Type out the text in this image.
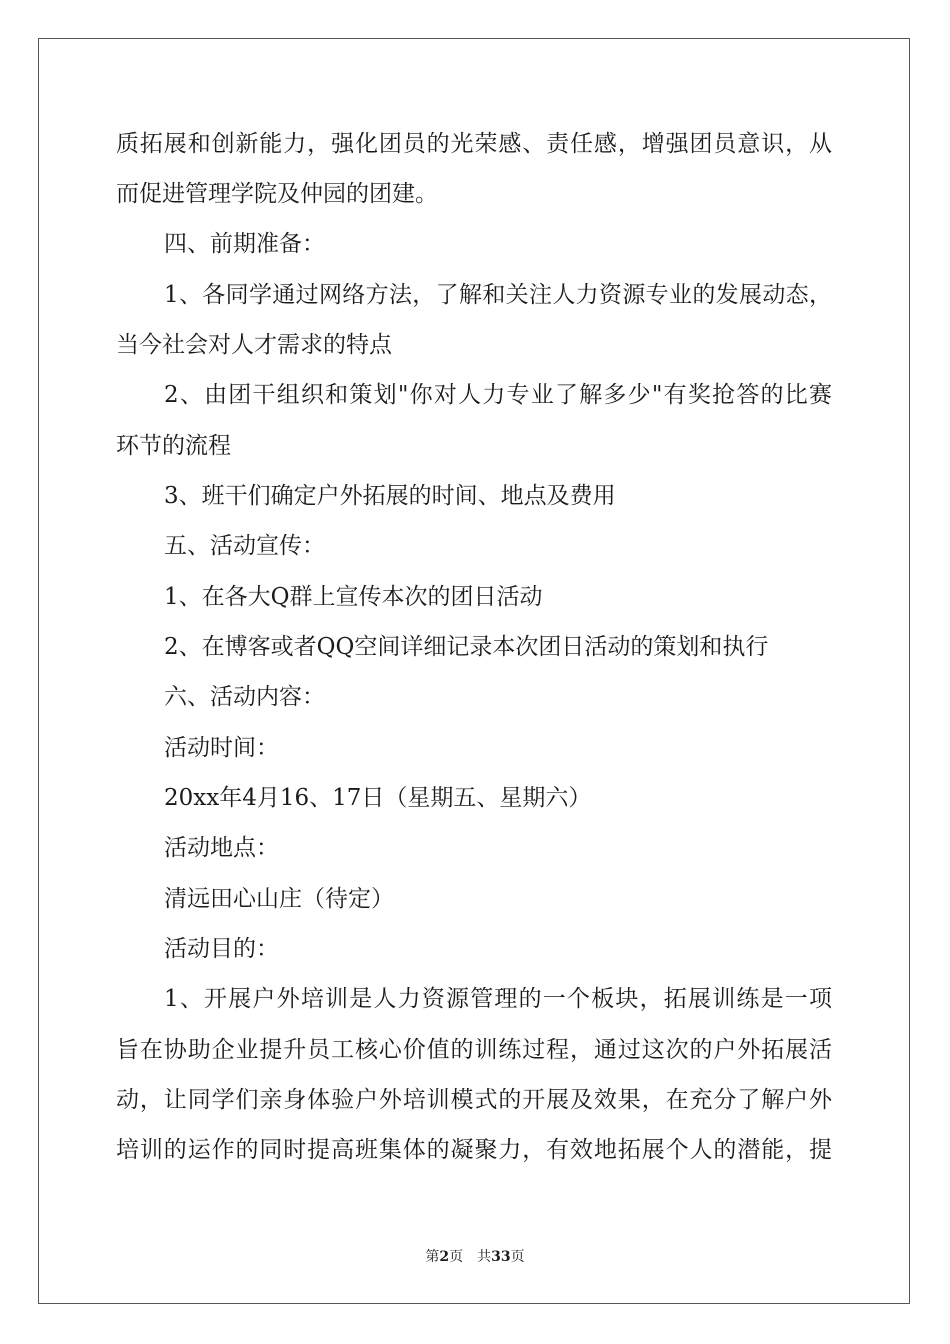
质拓展和创新能力，强化团员的光荣感、责任感，增强团员意识，从
而促进管理学院及仲园的团建。
四、前期准备：
1、各同学通过网络方法，了解和关注人力资源专业的发展动态，
当今社会对人才需求的特点
2、由团干组织和策划"你对人力专业了解多少"有奖抢答的比赛
环节的流程
3、班干们确定户外拓展的时间、地点及费用
五、活动宣传：
1、在各大Q群上宣传本次的团日活动
2、在博客或者QQ空间详细记录本次团日活动的策划和执行
六、活动内容：
活动时间：
20xx年4月16、17日（星期五、星期六）
活动地点：
清远田心山庄（待定）
活动目的：
1、开展户外培训是人力资源管理的一个板块，拓展训练是一项
旨在协助企业提升员工核心价值的训练过程，通过这次的户外拓展活
动，让同学们亲身体验户外培训模式的开展及效果，在充分了解户外
培训的运作的同时提高班集体的凝聚力，有效地拓展个人的潜能，提
第2页 共33页
